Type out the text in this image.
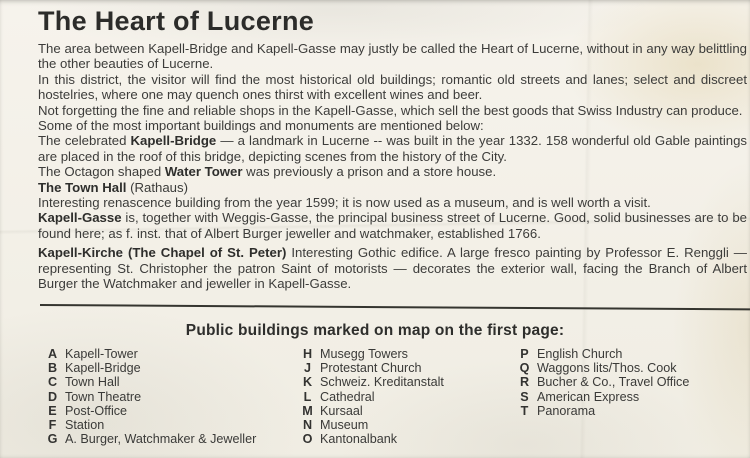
The Heart of Lucerne

The area between Kapell-Bridge and Kapell-Gasse may justly be called the Heart of Lucerne, without in any way belittling the other beauties of Lucerne.

In this district, the visitor will find the most historical old buildings; romantic old streets and lanes; select and discreet hostelries, where one may quench ones thirst with excellent wines and beer.

Not forgetting the fine and reliable shops in the Kapell-Gasse, which sell the best goods that Swiss Industry can produce.

Some of the most important buildings and monuments are mentioned below:

The celebrated Kapell-Bridge — a landmark in Lucerne -- was built in the year 1332. 158 wonderful old Gable paintings are placed in the roof of this bridge, depicting scenes from the history of the City.

The Octagon shaped Water Tower was previously a prison and a store house.

The Town Hall (Rathaus)

Interesting renascence building from the year 1599; it is now used as a museum, and is well worth a visit.

Kapell-Gasse is, together with Weggis-Gasse, the principal business street of Lucerne. Good, solid businesses are to be found here; as f. inst. that of Albert Burger jeweller and watchmaker, established 1766.

Kapell-Kirche (The Chapel of St. Peter) Interesting Gothic edifice. A large fresco painting by Professor E. Renggli — representing St. Christopher the patron Saint of motorists — decorates the exterior wall, facing the Branch of Albert Burger the Watchmaker and jeweller in Kapell-Gasse.

Public buildings marked on map on the first page:
A Kapell-Tower
B Kapell-Bridge
C Town Hall
D Town Theatre
E Post-Office
F Station
G A. Burger, Watchmaker & Jeweller
H Musegg Towers
J Protestant Church
K Schweiz. Kreditanstalt
L Cathedral
M Kursaal
N Museum
O Kantonalbank
P English Church
Q Waggons lits/Thos. Cook
R Bucher & Co., Travel Office
S American Express
T Panorama
